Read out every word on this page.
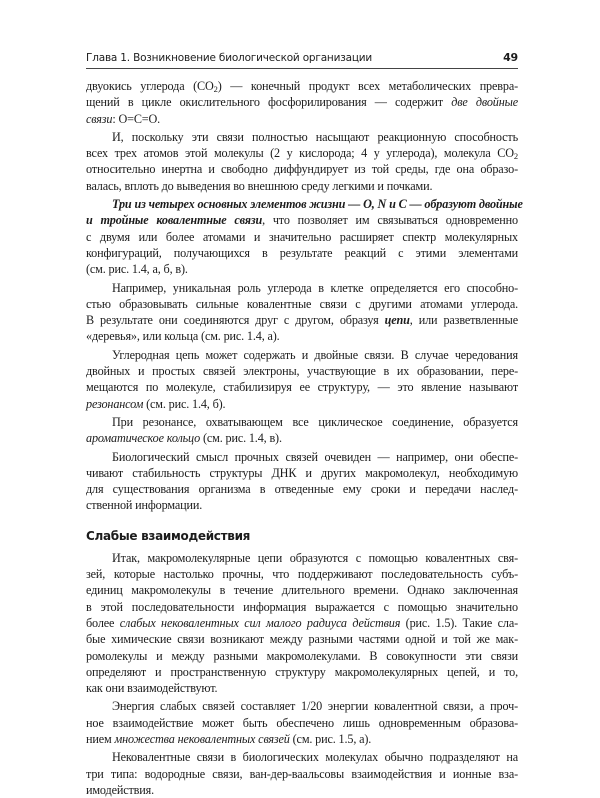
Глава 1. Возникновение биологической организации	49
двуокись углерода $(CO_2)$ — конечный продукт всех метаболических превра-
щений в цикле окислительного фосфорилирования — содержит две двойные
связи: O=C=O.
И, поскольку эти связи полностью насыщают реакционную способность
всех трех атомов этой молекулы (2 у кислорода; 4 у углерода), молекула $CO_2$
относительно инертна и свободно диффундирует из той среды, где она образо-
валась, вплоть до выведения во внешнюю среду легкими и почками.
Три из четырех основных элементов жизни — O, N и C — образуют двойные
и тройные ковалентные связи, что позволяет им связываться одновременно
с двумя или более атомами и значительно расширяет спектр молекулярных
конфигураций, получающихся в результате реакций с этими элементами
(см. рис. 1.4, а, б, в).
Например, уникальная роль углерода в клетке определяется его способно-
стью образовывать сильные ковалентные связи с другими атомами углерода.
В результате они соединяются друг с другом, образуя цепи, или разветвленные
«деревья», или кольца (см. рис. 1.4, а).
Углеродная цепь может содержать и двойные связи. В случае чередования
двойных и простых связей электроны, участвующие в их образовании, пере-
мещаются по молекуле, стабилизируя ее структуру, — это явление называют
резонансом (см. рис. 1.4, б).
При резонансе, охватывающем все циклическое соединение, образуется
ароматическое кольцо (см. рис. 1.4, в).
Биологический смысл прочных связей очевиден — например, они обеспе-
чивают стабильность структуры ДНК и других макромолекул, необходимую
для существования организма в отведенные ему сроки и передачи наслед-
ственной информации.
Слабые взаимодействия
Итак, макромолекулярные цепи образуются с помощью ковалентных свя-
зей, которые настолько прочны, что поддерживают последовательность субъ-
единиц макромолекулы в течение длительного времени. Однако заключенная
в этой последовательности информация выражается с помощью значительно
более слабых нековалентных сил малого радиуса действия (рис. 1.5). Такие сла-
бые химические связи возникают между разными частями одной и той же мак-
ромолекулы и между разными макромолекулами. В совокупности эти связи
определяют и пространственную структуру макромолекулярных цепей, и то,
как они взаимодействуют.
Энергия слабых связей составляет 1/20 энергии ковалентной связи, а проч-
ное взаимодействие может быть обеспечено лишь одновременным образова-
нием множества нековалентных связей (см. рис. 1.5, а).
Нековалентные связи в биологических молекулах обычно подразделяют на
три типа: водородные связи, ван-дер-ваальсовы взаимодействия и ионные вза-
имодействия.
